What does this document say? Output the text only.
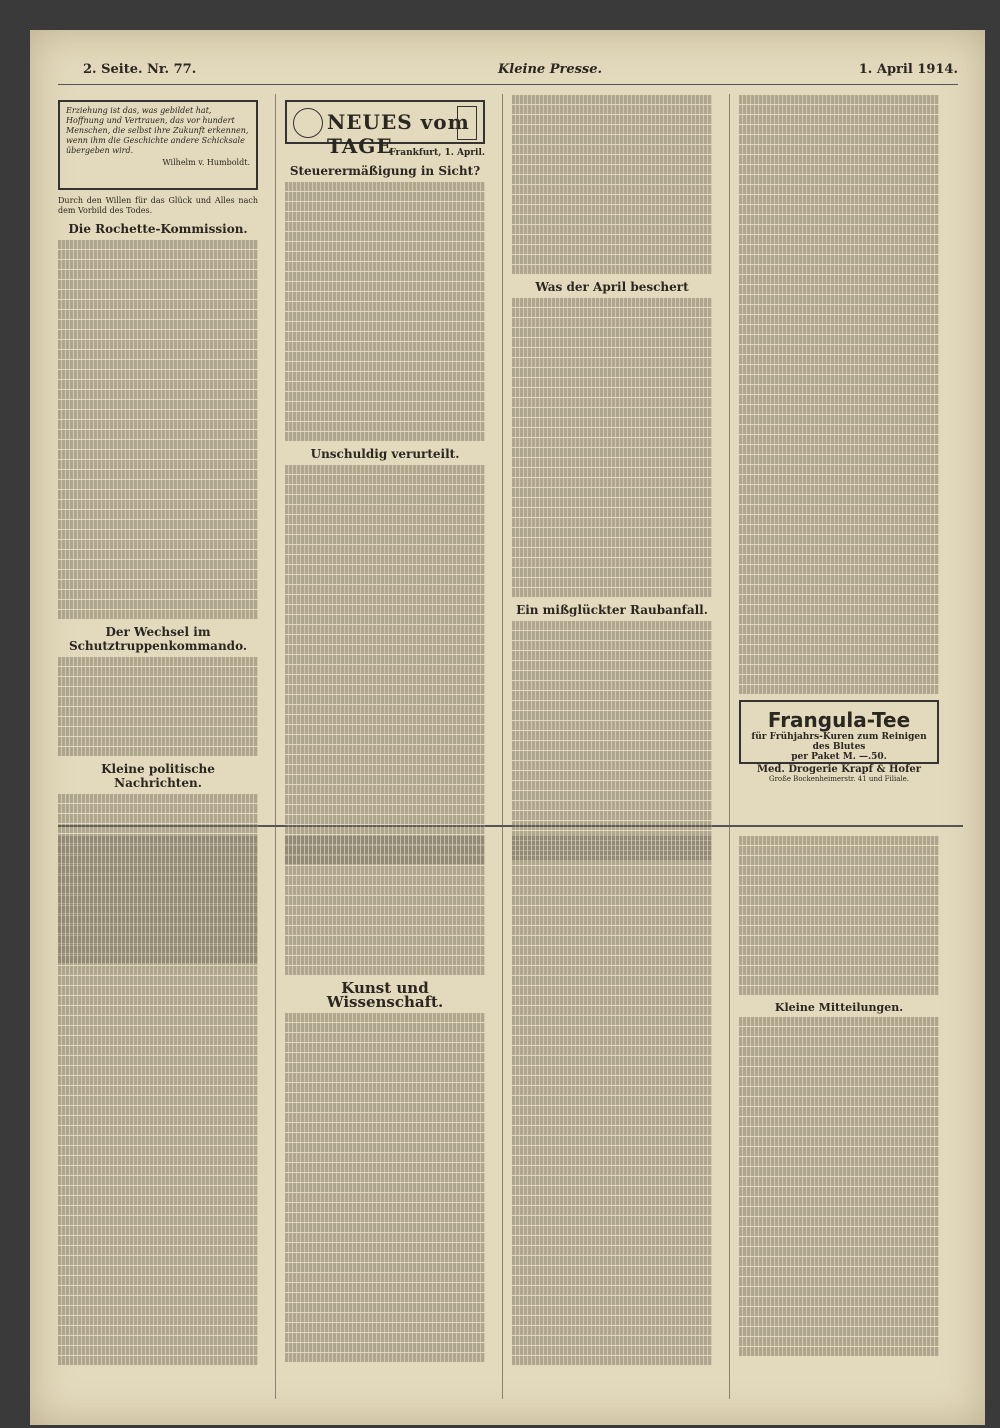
2. Seite. Nr. 77.	Kleine Presse.	1. April 1914.
Erziehung ist das, was gebildet hat, Hoffnung und Vertrauen, das vor hundert Menschen, die selbst ihre Zukunft erkennen, wenn ihm die Geschichte andere Schicksale übergeben wird.
Wilhelm v. Humboldt.
Durch den Willen für das Glück und Alles nach dem Vorbild des Todes.
Die Rochette-Kommission.
Der Wechsel im Schutztruppenkommando.
Kleine politische Nachrichten.
NEUES vom TAGE
Frankfurt, 1. April.
Steuerermäßigung in Sicht?
Unschuldig verurteilt.
Was der April beschert
Ein mißglückter Raubanfall.
Frangula-Tee
für Frühjahrs-Kuren zum Reinigen des Blutes
per Paket M. —.50.
Med. Drogerie Krapf & Hofer
Große Bockenheimerstr. 41 und Filiale.
Kunst und Wissenschaft.	Kleine Mitteilungen.
